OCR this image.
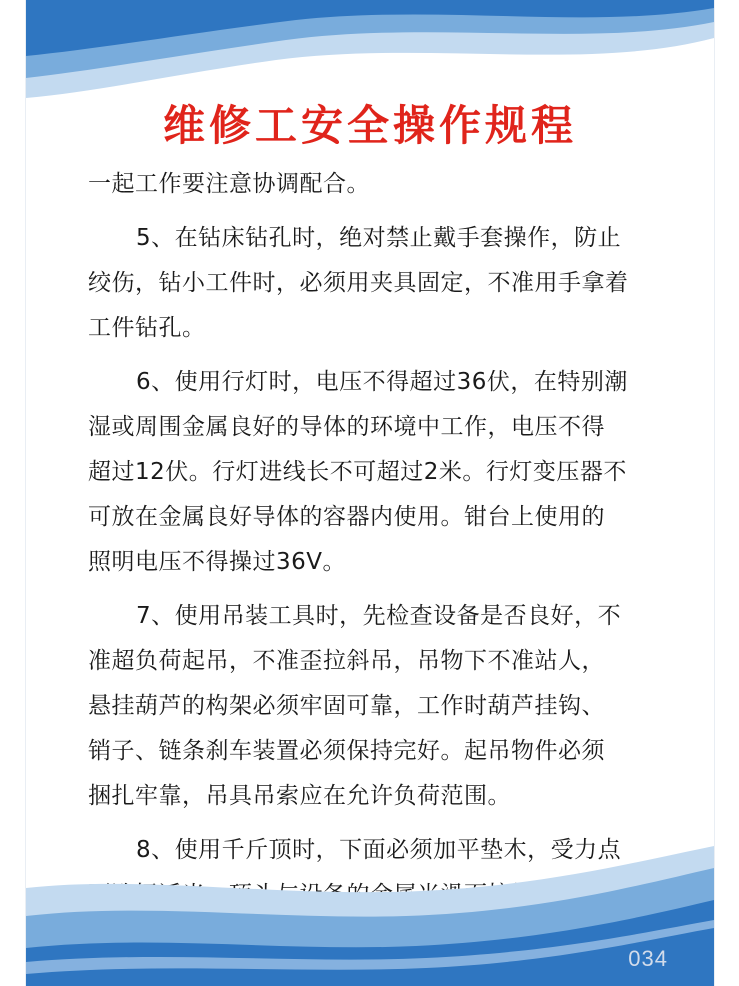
维修工安全操作规程
一起工作要注意协调配合。
5、在钻床钻孔时，绝对禁止戴手套操作，防止
绞伤，钻小工件时，必须用夹具固定，不准用手拿着
工件钻孔。
6、使用行灯时，电压不得超过36伏，在特别潮
湿或周围金属良好的导体的环境中工作，电压不得
超过12伏。行灯进线长不可超过2米。行灯变压器不
可放在金属良好导体的容器内使用。钳台上使用的
照明电压不得操过36V。
7、使用吊装工具时，先检查设备是否良好，不
准超负荷起吊，不准歪拉斜吊，吊物下不准站人，
悬挂葫芦的构架必须牢固可靠，工作时葫芦挂钩、
销子、链条刹车装置必须保持完好。起吊物件必须
捆扎牢靠，吊具吊索应在允许负荷范围。
8、使用千斤顶时，下面必须加平垫木，受力点
034
